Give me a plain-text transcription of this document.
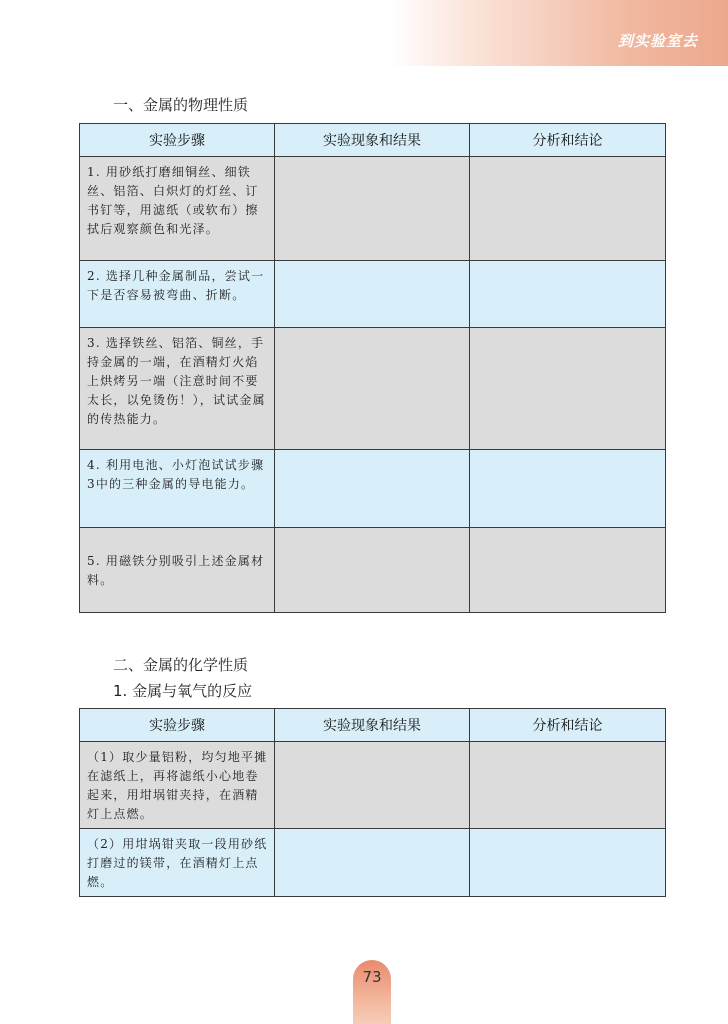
到实验室去
一、金属的物理性质
实验步骤	实验现象和结果	分析和结论

1. 用砂纸打磨细铜丝、细铁丝、铝箔、白炽灯的灯丝、订书钉等，用滤纸（或软布）擦拭后观察颜色和光泽。		

2. 选择几种金属制品，尝试一下是否容易被弯曲、折断。		

3. 选择铁丝、铝箔、铜丝，手持金属的一端，在酒精灯火焰上烘烤另一端（注意时间不要太长，以免烫伤！），试试金属的传热能力。		

4. 利用电池、小灯泡试试步骤3中的三种金属的导电能力。		

5. 用磁铁分别吸引上述金属材料。		

二、金属的化学性质
1. 金属与氧气的反应
实验步骤	实验现象和结果	分析和结论

（1）取少量铝粉，均匀地平摊在滤纸上，再将滤纸小心地卷起来，用坩埚钳夹持，在酒精灯上点燃。		

（2）用坩埚钳夹取一段用砂纸打磨过的镁带，在酒精灯上点燃。		

73
